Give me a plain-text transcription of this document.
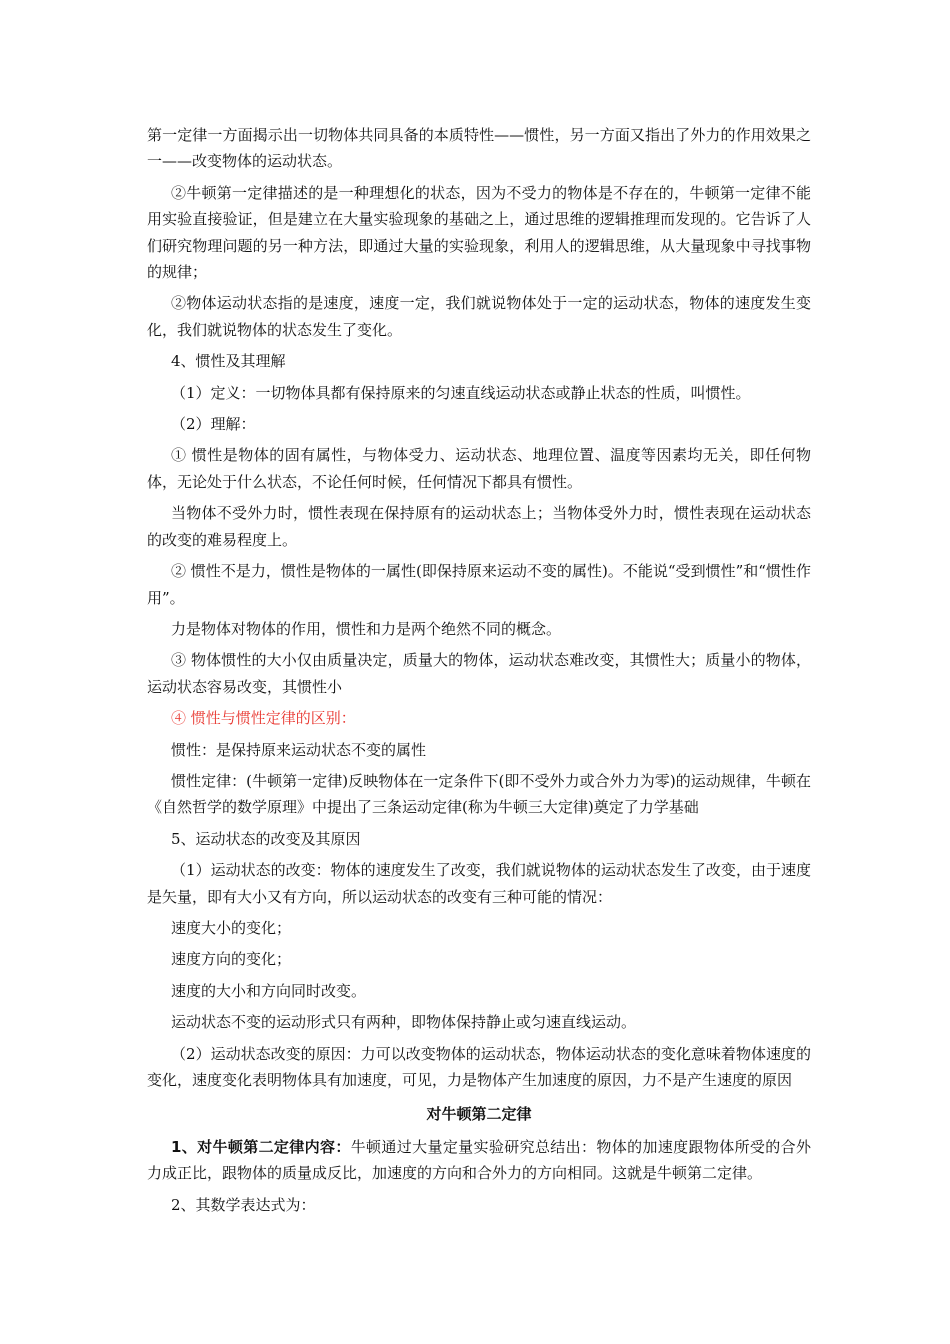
第一定律一方面揭示出一切物体共同具备的本质特性——惯性，另一方面又指出了外力的作用效果之一——改变物体的运动状态。

②牛顿第一定律描述的是一种理想化的状态，因为不受力的物体是不存在的，牛顿第一定律不能用实验直接验证，但是建立在大量实验现象的基础之上，通过思维的逻辑推理而发现的。它告诉了人们研究物理问题的另一种方法，即通过大量的实验现象，利用人的逻辑思维，从大量现象中寻找事物的规律；

②物体运动状态指的是速度，速度一定，我们就说物体处于一定的运动状态，物体的速度发生变化，我们就说物体的状态发生了变化。

4、惯性及其理解

（1）定义：一切物体具都有保持原来的匀速直线运动状态或静止状态的性质，叫惯性。

（2）理解：

① 惯性是物体的固有属性，与物体受力、运动状态、地理位置、温度等因素均无关，即任何物体，无论处于什么状态，不论任何时候，任何情况下都具有惯性。

当物体不受外力时，惯性表现在保持原有的运动状态上；当物体受外力时，惯性表现在运动状态的改变的难易程度上。

② 惯性不是力，惯性是物体的一属性(即保持原来运动不变的属性)。不能说“受到惯性”和“惯性作用”。

力是物体对物体的作用，惯性和力是两个绝然不同的概念。

③ 物体惯性的大小仅由质量决定，质量大的物体，运动状态难改变，其惯性大；质量小的物体，运动状态容易改变，其惯性小

④ 惯性与惯性定律的区别：

惯性：是保持原来运动状态不变的属性

惯性定律：(牛顿第一定律)反映物体在一定条件下(即不受外力或合外力为零)的运动规律，牛顿在《自然哲学的数学原理》中提出了三条运动定律(称为牛顿三大定律)奠定了力学基础

5、运动状态的改变及其原因

（1）运动状态的改变：物体的速度发生了改变，我们就说物体的运动状态发生了改变，由于速度是矢量，即有大小又有方向，所以运动状态的改变有三种可能的情况：

速度大小的变化；

速度方向的变化；

速度的大小和方向同时改变。

运动状态不变的运动形式只有两种，即物体保持静止或匀速直线运动。

（2）运动状态改变的原因：力可以改变物体的运动状态，物体运动状态的变化意味着物体速度的变化，速度变化表明物体具有加速度，可见，力是物体产生加速度的原因，力不是产生速度的原因

对牛顿第二定律

1、对牛顿第二定律内容：牛顿通过大量定量实验研究总结出：物体的加速度跟物体所受的合外力成正比，跟物体的质量成反比，加速度的方向和合外力的方向相同。这就是牛顿第二定律。

2、其数学表达式为：
